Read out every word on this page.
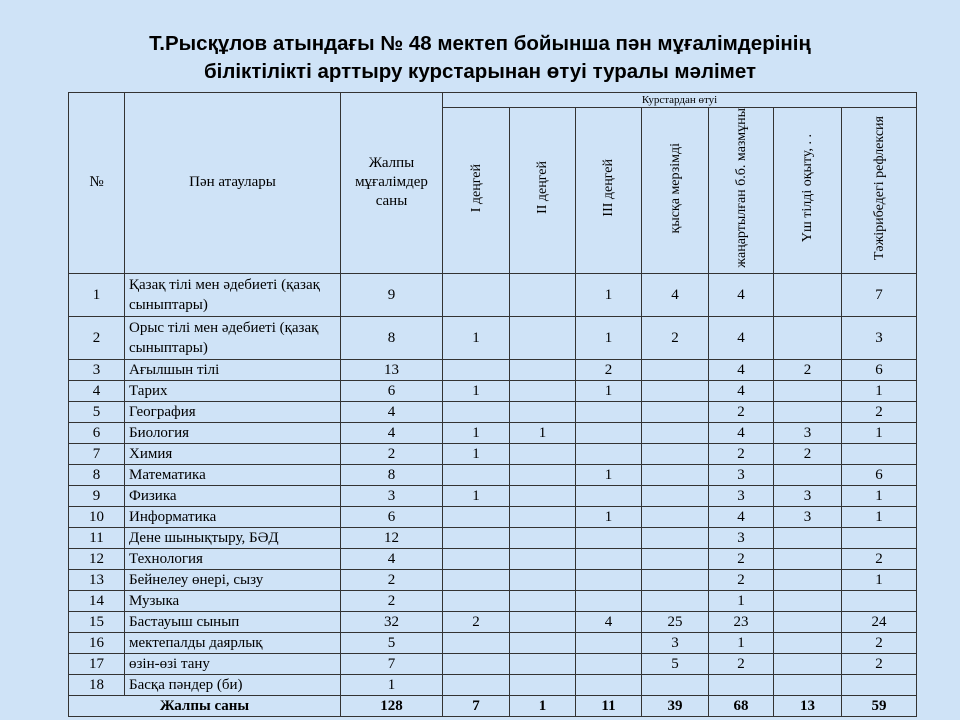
Т.Рысқұлов атындағы № 48 мектеп бойынша пән мұғалімдерінің
біліктілікті арттыру курстарынан өтуі туралы мәлімет
№	Пән атаулары	Жалпы мұғалімдер саны	Курстардан өтуі						
			I деңгей	II деңгей	III деңгей	қысқа мерзімді	жаңартылған б.б. мазмұны	Үш тілді оқыту, . .	Тәжірибедегі рефлексия
1	Қазақ тілі мен әдебиеті (қазақ сыныптары)	9			1	4	4		7
2	Орыс тілі мен әдебиеті (қазақ сыныптары)	8	1		1	2	4		3
3	Ағылшын тілі	13			2		4	2	6
4	Тарих	6	1		1		4		1
5	География	4					2		2
6	Биология	4	1	1			4	3	1
7	Химия	2	1				2	2	
8	Математика	8			1		3		6
9	Физика	3	1				3	3	1
10	Информатика	6			1		4	3	1
11	Дене шынықтыру, БӘД	12					3		
12	Технология	4					2		2
13	Бейнелеу өнері, сызу	2					2		1
14	Музыка	2					1		
15	Бастауыш сынып	32	2		4	25	23		24
16	мектепалды даярлық	5				3	1		2
17	өзін-өзі тану	7				5	2		2
18	Басқа пәндер (би)	1							
Жалпы саны		128	7	1	11	39	68	13	59
